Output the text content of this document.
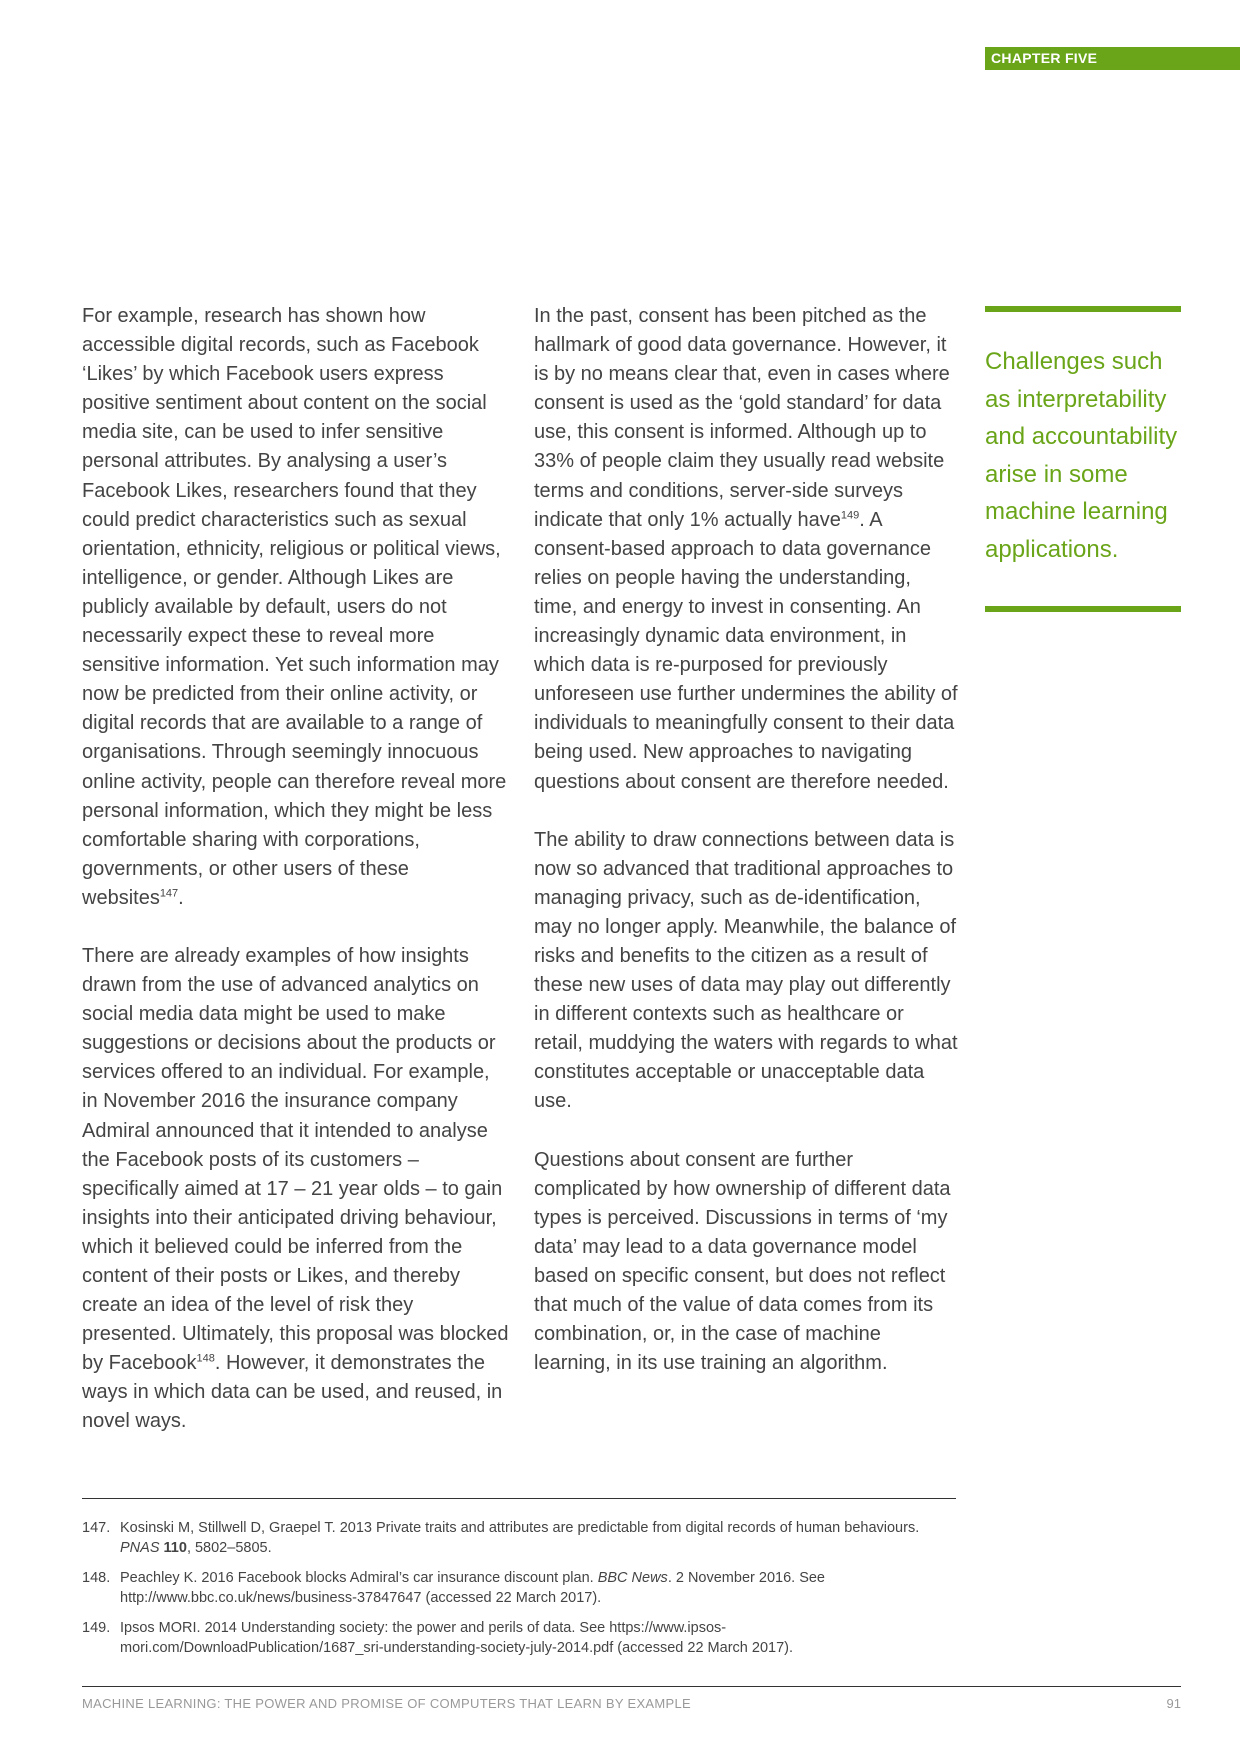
CHAPTER FIVE

For example, research has shown how accessible digital records, such as Facebook ‘Likes’ by which Facebook users express positive sentiment about content on the social media site, can be used to infer sensitive personal attributes. By analysing a user’s Facebook Likes, researchers found that they could predict characteristics such as sexual orientation, ethnicity, religious or political views, intelligence, or gender. Although Likes are publicly available by default, users do not necessarily expect these to reveal more sensitive information. Yet such information may now be predicted from their online activity, or digital records that are available to a range of organisations. Through seemingly innocuous online activity, people can therefore reveal more personal information, which they might be less comfortable sharing with corporations, governments, or other users of these websites$^{147}$.

There are already examples of how insights drawn from the use of advanced analytics on social media data might be used to make suggestions or decisions about the products or services offered to an individual. For example, in November 2016 the insurance company Admiral announced that it intended to analyse the Facebook posts of its customers – specifically aimed at 17 – 21 year olds – to gain insights into their anticipated driving behaviour, which it believed could be inferred from the content of their posts or Likes, and thereby create an idea of the level of risk they presented. Ultimately, this proposal was blocked by Facebook$^{148}$. However, it demonstrates the ways in which data can be used, and reused, in novel ways.

In the past, consent has been pitched as the hallmark of good data governance. However, it is by no means clear that, even in cases where consent is used as the ‘gold standard’ for data use, this consent is informed. Although up to 33% of people claim they usually read website terms and conditions, server-side surveys indicate that only 1% actually have$^{149}$. A consent-based approach to data governance relies on people having the understanding, time, and energy to invest in consenting. An increasingly dynamic data environment, in which data is re-purposed for previously unforeseen use further undermines the ability of individuals to meaningfully consent to their data being used. New approaches to navigating questions about consent are therefore needed.

The ability to draw connections between data is now so advanced that traditional approaches to managing privacy, such as de-identification, may no longer apply. Meanwhile, the balance of risks and benefits to the citizen as a result of these new uses of data may play out differently in different contexts such as healthcare or retail, muddying the waters with regards to what constitutes acceptable or unacceptable data use.

Questions about consent are further complicated by how ownership of different data types is perceived. Discussions in terms of ‘my data’ may lead to a data governance model based on specific consent, but does not reflect that much of the value of data comes from its combination, or, in the case of machine learning, in its use training an algorithm.

Challenges such as interpretability and accountability arise in some machine learning applications.
147. Kosinski M, Stillwell D, Graepel T. 2013 Private traits and attributes are predictable from digital records of human behaviours. PNAS 110, 5802–5805.
148. Peachley K. 2016 Facebook blocks Admiral’s car insurance discount plan. BBC News. 2 November 2016. See http://www.bbc.co.uk/news/business-37847647 (accessed 22 March 2017).
149. Ipsos MORI. 2014 Understanding society: the power and perils of data. See https://www.ipsos-mori.com/DownloadPublication/1687_sri-understanding-society-july-2014.pdf (accessed 22 March 2017).
MACHINE LEARNING: THE POWER AND PROMISE OF COMPUTERS THAT LEARN BY EXAMPLE	91
